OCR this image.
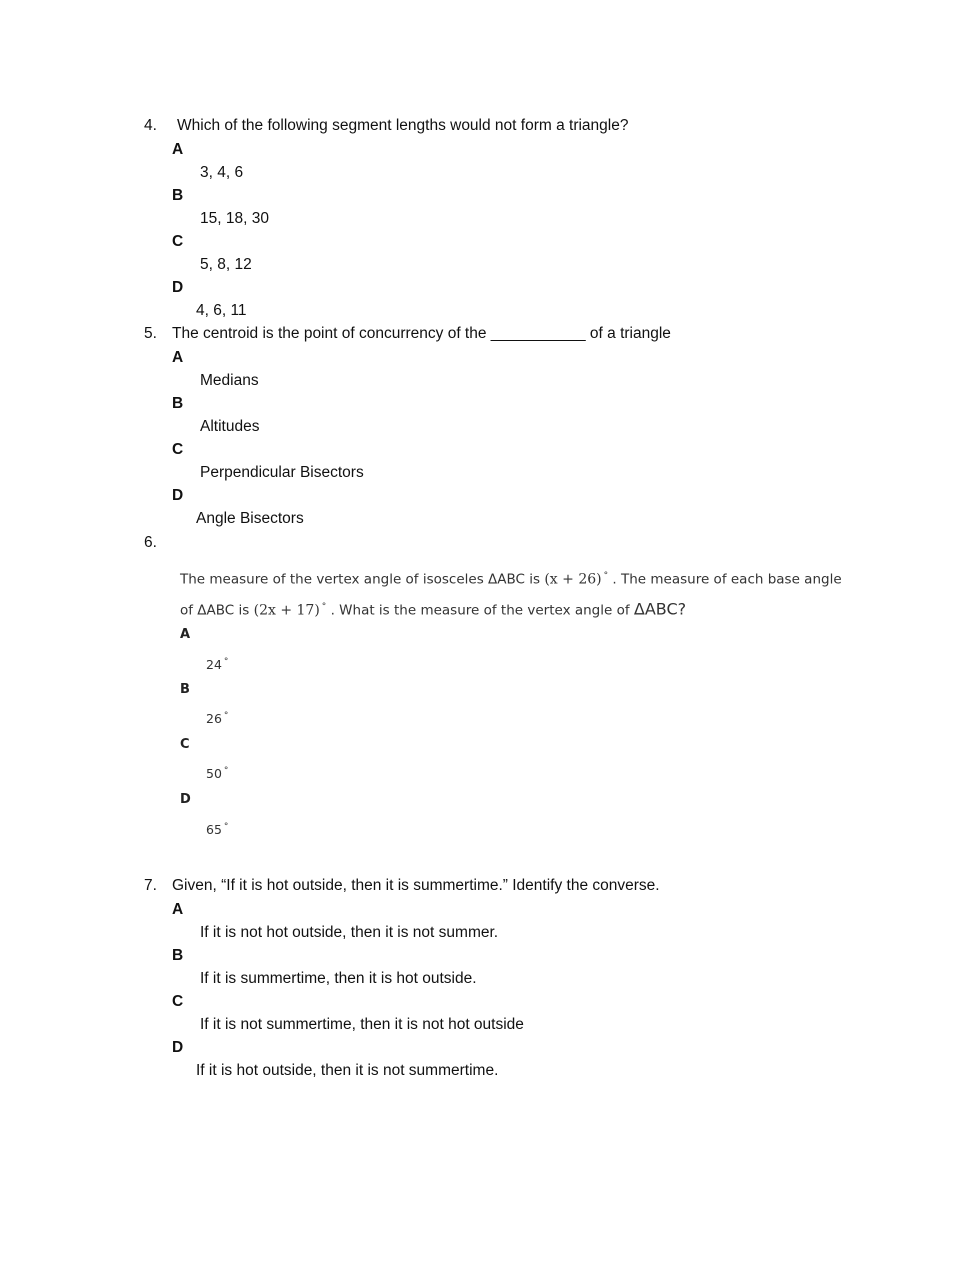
4. Which of the following segment lengths would not form a triangle?
A
3, 4, 6
B
15, 18, 30
C
5, 8, 12
D
4, 6, 11
5. The centroid is the point of concurrency of the ___________ of a triangle
A
Medians
B
Altitudes
C
Perpendicular Bisectors
D
Angle Bisectors
6.
The measure of the vertex angle of isosceles ΔABC is (x + 26) ° . The measure of each base angle
of ΔABC is (2x + 17) ° . What is the measure of the vertex angle of ΔABC?
A
24 °
B
26 °
C
50 °
D
65 °
7. Given, “If it is hot outside, then it is summertime.” Identify the converse.
A
If it is not hot outside, then it is not summer.
B
If it is summertime, then it is hot outside.
C
If it is not summertime, then it is not hot outside
D
If it is hot outside, then it is not summertime.
